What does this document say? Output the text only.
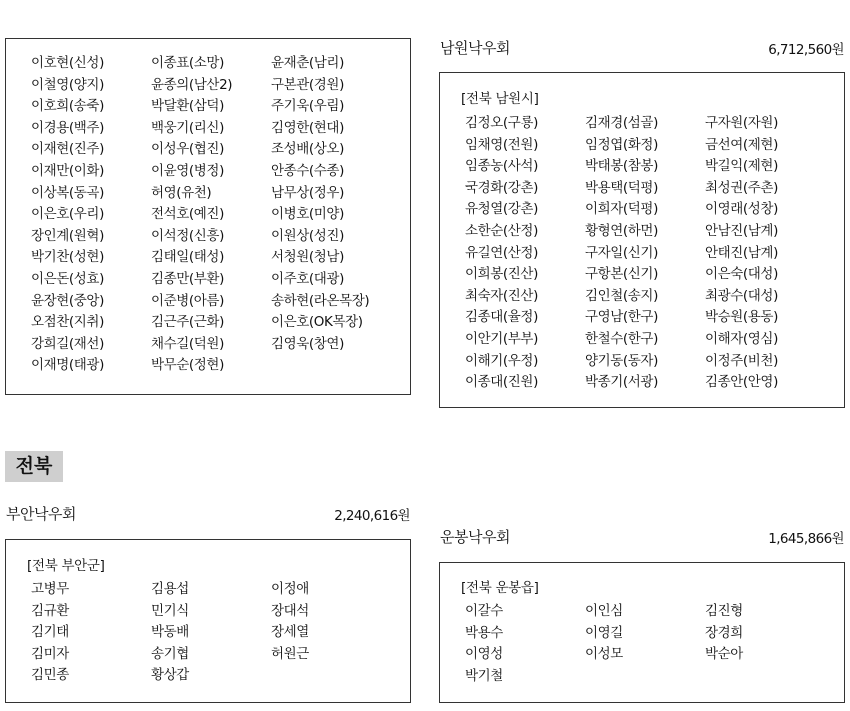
이호현(신성)	이종표(소망)	윤재춘(남리)
이철영(양지)	윤종의(남산2)	구본관(경원)
이호희(송죽)	박달환(삼덕)	주기욱(우림)
이경용(백주)	백웅기(리신)	김영한(현대)
이재현(진주)	이성우(협진)	조성배(상오)
이재만(이화)	이윤영(병정)	안종수(수종)
이상복(동곡)	허영(유천)	남무상(정우)
이은호(우리)	전석호(예진)	이병호(미양)
장인계(원혁)	이석정(신흥)	이원상(성진)
박기찬(성현)	김태일(태성)	서청원(청남)
이은돈(성효)	김종만(부환)	이주호(대광)
윤장현(중앙)	이준병(아름)	송하현(라온목장)
오점찬(지취)	김근주(근화)	이은호(OK목장)
강희길(재선)	채수길(덕원)	김영욱(창연)
이재명(태광)	박무순(정현)
남원낙우회	6,712,560원
[전북 남원시]
김정오(구룡)	김재경(섬골)	구자원(자원)
임채영(전원)	임정엽(화정)	금선여(제현)
임종농(사석)	박태봉(참봉)	박길익(제현)
국경화(강촌)	박용택(덕평)	최성권(주촌)
유청열(강촌)	이희자(덕평)	이영래(성창)
소한순(산정)	황형연(하먼)	안남진(남계)
유길연(산정)	구자일(신기)	안태진(남계)
이희봉(진산)	구항본(신기)	이은숙(대성)
최숙자(진산)	김인철(송지)	최광수(대성)
김종대(율정)	구영남(한구)	박승원(용동)
이안기(부부)	한철수(한구)	이해자(영심)
이해기(우정)	양기동(동자)	이정주(비천)
이종대(진원)	박종기(서광)	김종안(안영)
전북
부안낙우회	2,240,616원
[전북 부안군]
고병무	김용섭	이정애
김규환	민기식	장대석
김기태	박동배	장세열
김미자	송기협	허원근
김민종	황상갑
운봉낙우회	1,645,866원
[전북 운봉읍]
이갈수	이인심	김진형
박용수	이영길	장경희
이영성	이성모	박순아
박기철
